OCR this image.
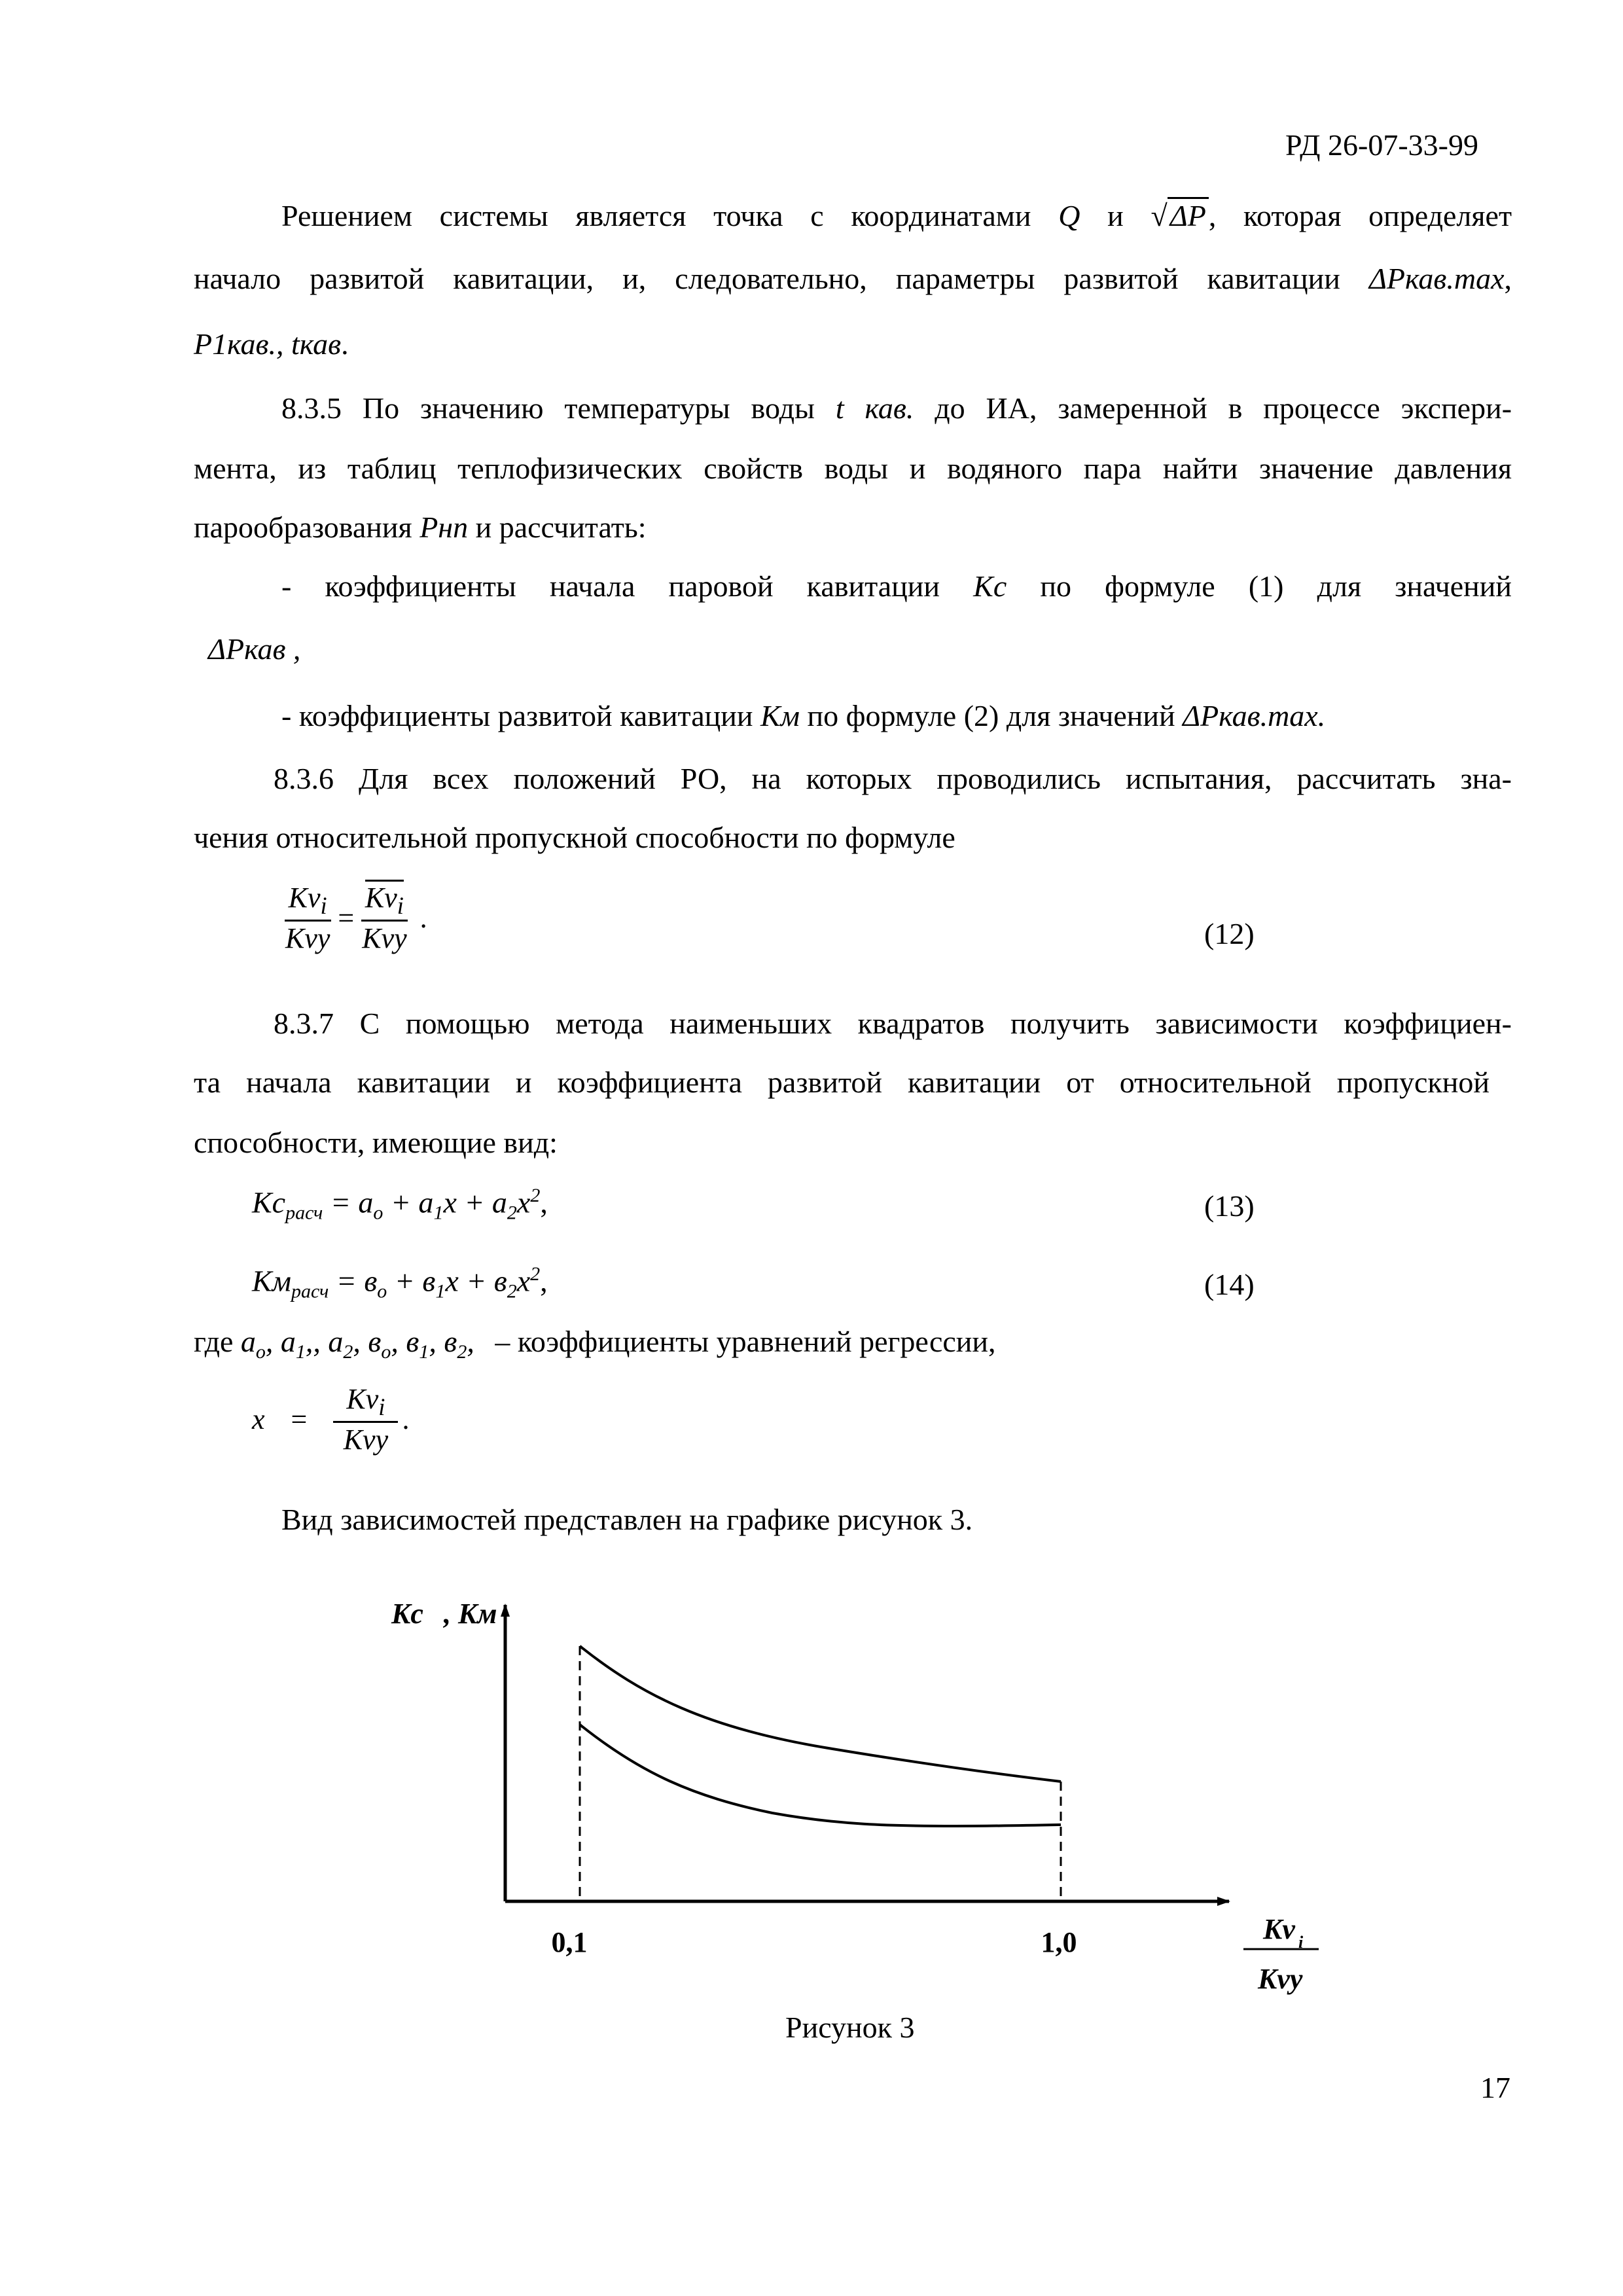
РД 26-07-33-99
Решением системы является точка с координатами Q и √ΔP, которая определяет
начало развитой кавитации, и, следовательно, параметры развитой кавитации ΔPкав.max,
P1кав., tкав.
8.3.5 По значению температуры воды t кав. до ИА, замеренной в процессе экспери-
мента, из таблиц теплофизических свойств воды и водяного пара найти значение давления
парообразования Pнп и рассчитать:
- коэффициенты начала паровой кавитации Kc по формуле (1) для значений
ΔPкав ,
- коэффициенты развитой кавитации Kм по формуле (2) для значений ΔPкав.max.
8.3.6 Для всех положений РО, на которых проводились испытания, рассчитать зна-
чения относительной пропускной способности по формуле
$\frac{Kv_i}{\text{Kvy}} = \frac{Kv_i}{\text{Kvy}}$ .	(12)
8.3.7 С помощью метода наименьших квадратов получить зависимости коэффициен-
та начала кавитации и коэффициента развитой кавитации от относительной пропускной
способности, имеющие вид:
$Kc_{расч} = a_o + a_1x + a_2x^2$,	(13)
$Kм_{расч} = в_o + в_1x + в_2x^2$,	(14)
где $a_o$, $a_1$,, $a_2$, $в_o$, $в_1$, $в_2$, – коэффициенты уравнений регрессии,
$x = \frac{Kv_i}{\text{Kvy}}$ .
Вид зависимостей представлен на графике рисунок 3.
Kc , Kм
0,1	1,0	Kv i
Kvy
Рисунок 3
17
